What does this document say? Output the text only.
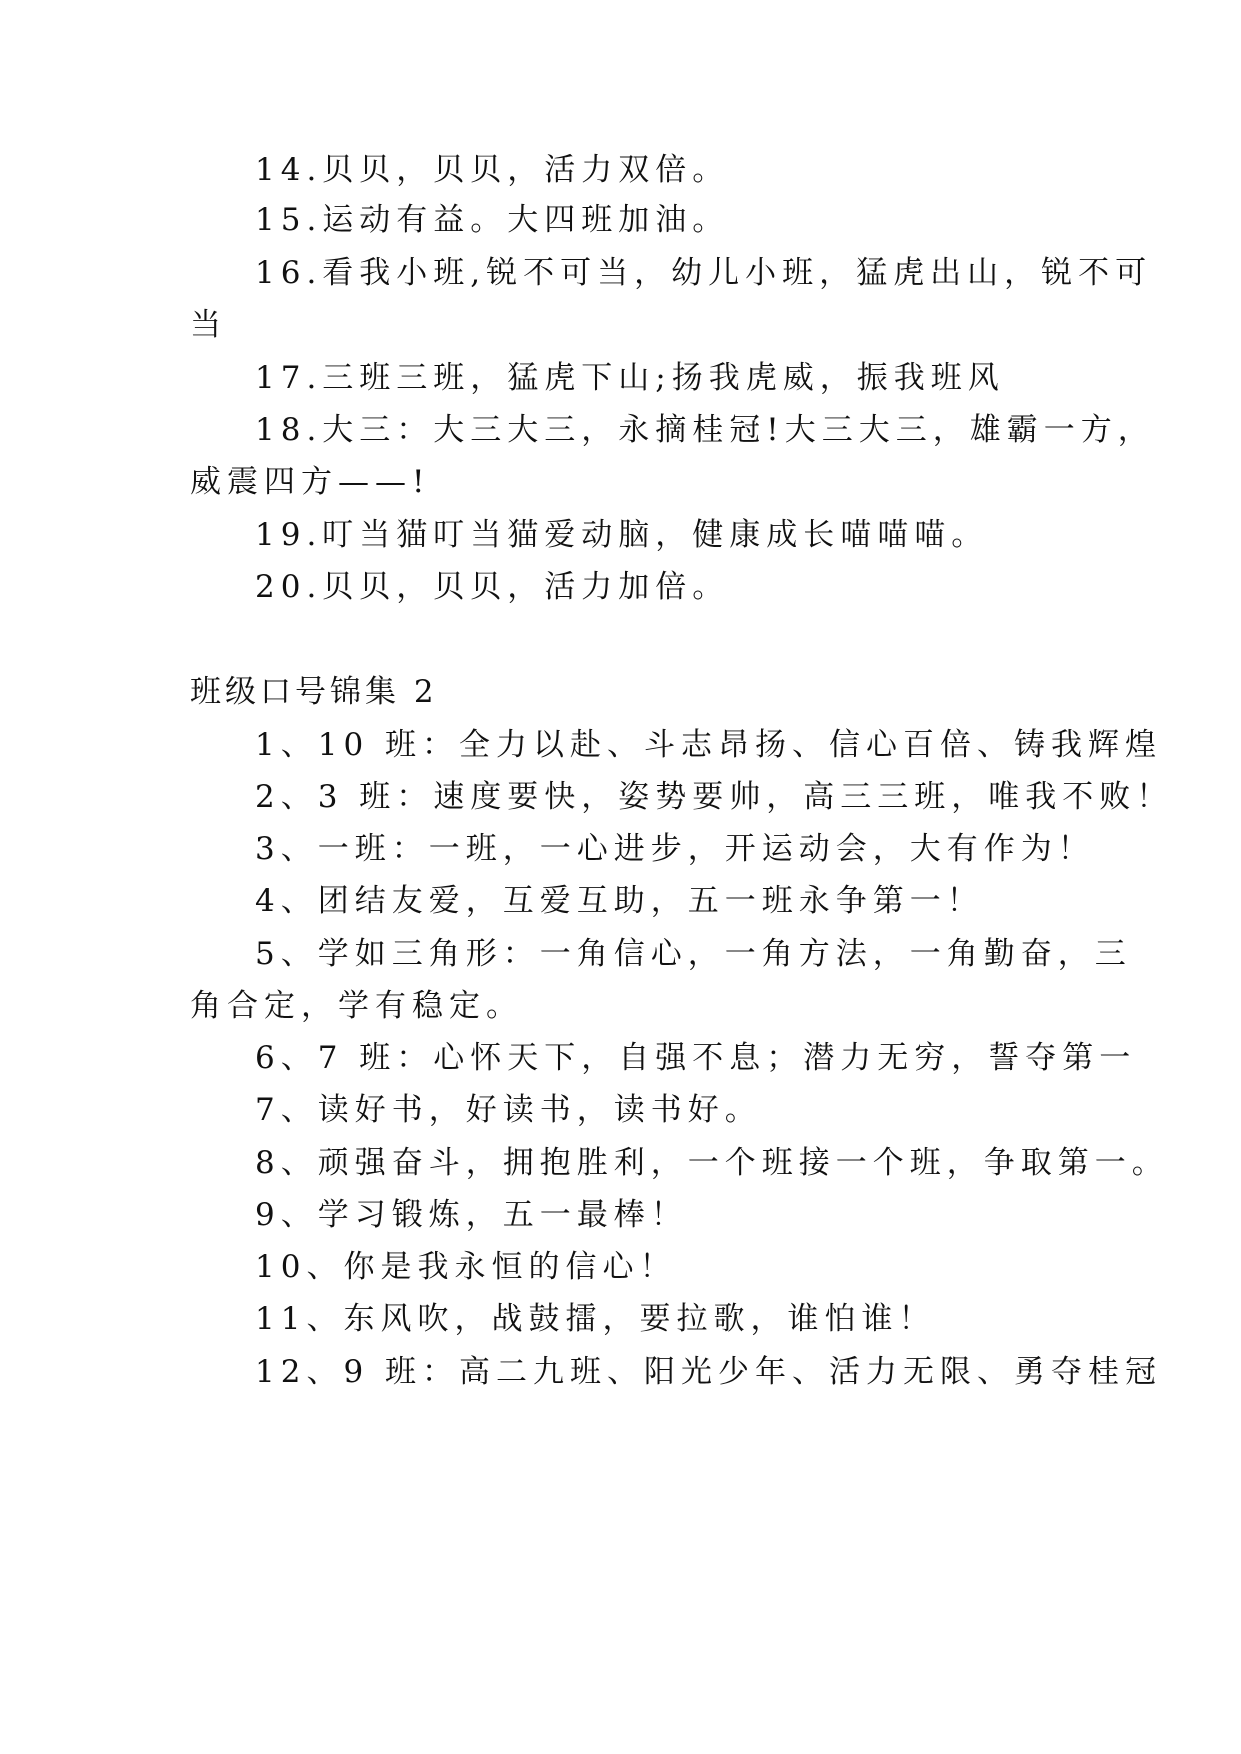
14.贝贝，贝贝，活力双倍。
15.运动有益。大四班加油。
16.看我小班,锐不可当，幼儿小班，猛虎出山，锐不可
当
17.三班三班，猛虎下山;扬我虎威，振我班风
18.大三：大三大三，永摘桂冠!大三大三，雄霸一方，
威震四方——!
19.叮当猫叮当猫爱动脑，健康成长喵喵喵。
20.贝贝，贝贝，活力加倍。
班级口号锦集 2
1、10 班：全力以赴、斗志昂扬、信心百倍、铸我辉煌
2、3 班：速度要快，姿势要帅，高三三班，唯我不败！
3、一班：一班，一心进步，开运动会，大有作为！
4、团结友爱，互爱互助，五一班永争第一！
5、学如三角形：一角信心，一角方法，一角勤奋，三
角合定，学有稳定。
6、7 班：心怀天下，自强不息；潜力无穷，誓夺第一
7、读好书，好读书，读书好。
8、顽强奋斗，拥抱胜利，一个班接一个班，争取第一。
9、学习锻炼，五一最棒！
10、你是我永恒的信心！
11、东风吹，战鼓擂，要拉歌，谁怕谁！
12、9 班：高二九班、阳光少年、活力无限、勇夺桂冠
